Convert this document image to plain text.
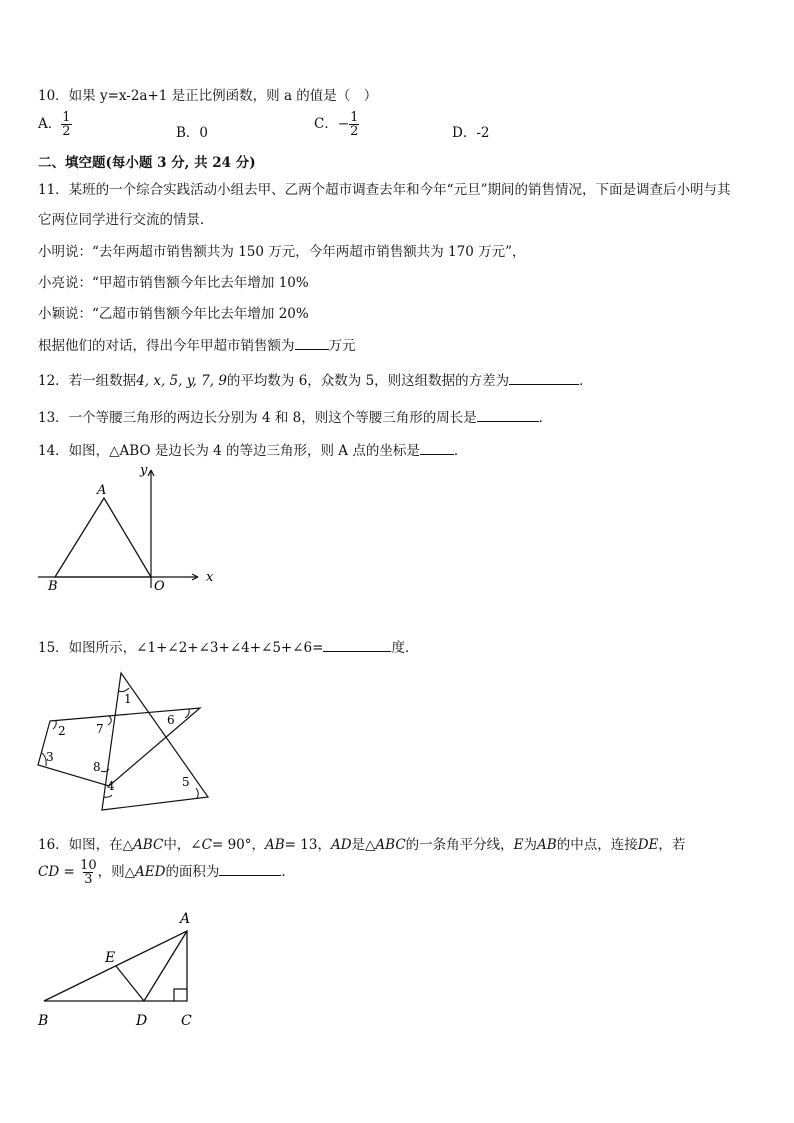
10．如果 y=x-2a+1 是正比例函数，则 a 的值是（　）
A． $\frac{1}{2}$	B．0
C．− $\frac{1}{2}$	D．-2
二、填空题(每小题 3 分, 共 24 分)
11．某班的一个综合实践活动小组去甲、乙两个超市调查去年和今年“元旦”期间的销售情况，下面是调查后小明与其
它两位同学进行交流的情景．
小明说：“去年两超市销售额共为 150 万元，今年两超市销售额共为 170 万元”，
小亮说：“甲超市销售额今年比去年增加 10%
小颖说：“乙超市销售额今年比去年增加 20%
根据他们的对话，得出今年甲超市销售额为	万元
12．若一组数据4, x, 5, y, 7, 9的平均数为 6，众数为 5，则这组数据的方差为	．
13．一个等腰三角形的两边长分别为 4 和 8，则这个等腰三角形的周长是	．
14．如图，△ABO 是边长为 4 的等边三角形，则 A 点的坐标是	．
A
B	O
x
y
15．如图所示，∠1+∠2+∠3+∠4+∠5+∠6=	度．
1
2
3
4	5
6
7
8
16．如图，在△ABC中，∠C= 90°，AB= 13，AD是△ABC的一条角平分线，E为AB的中点，连接DE，若
CD = $\frac{10}{3}$ ，则△AED的面积为	．
A
B	C
D
E
